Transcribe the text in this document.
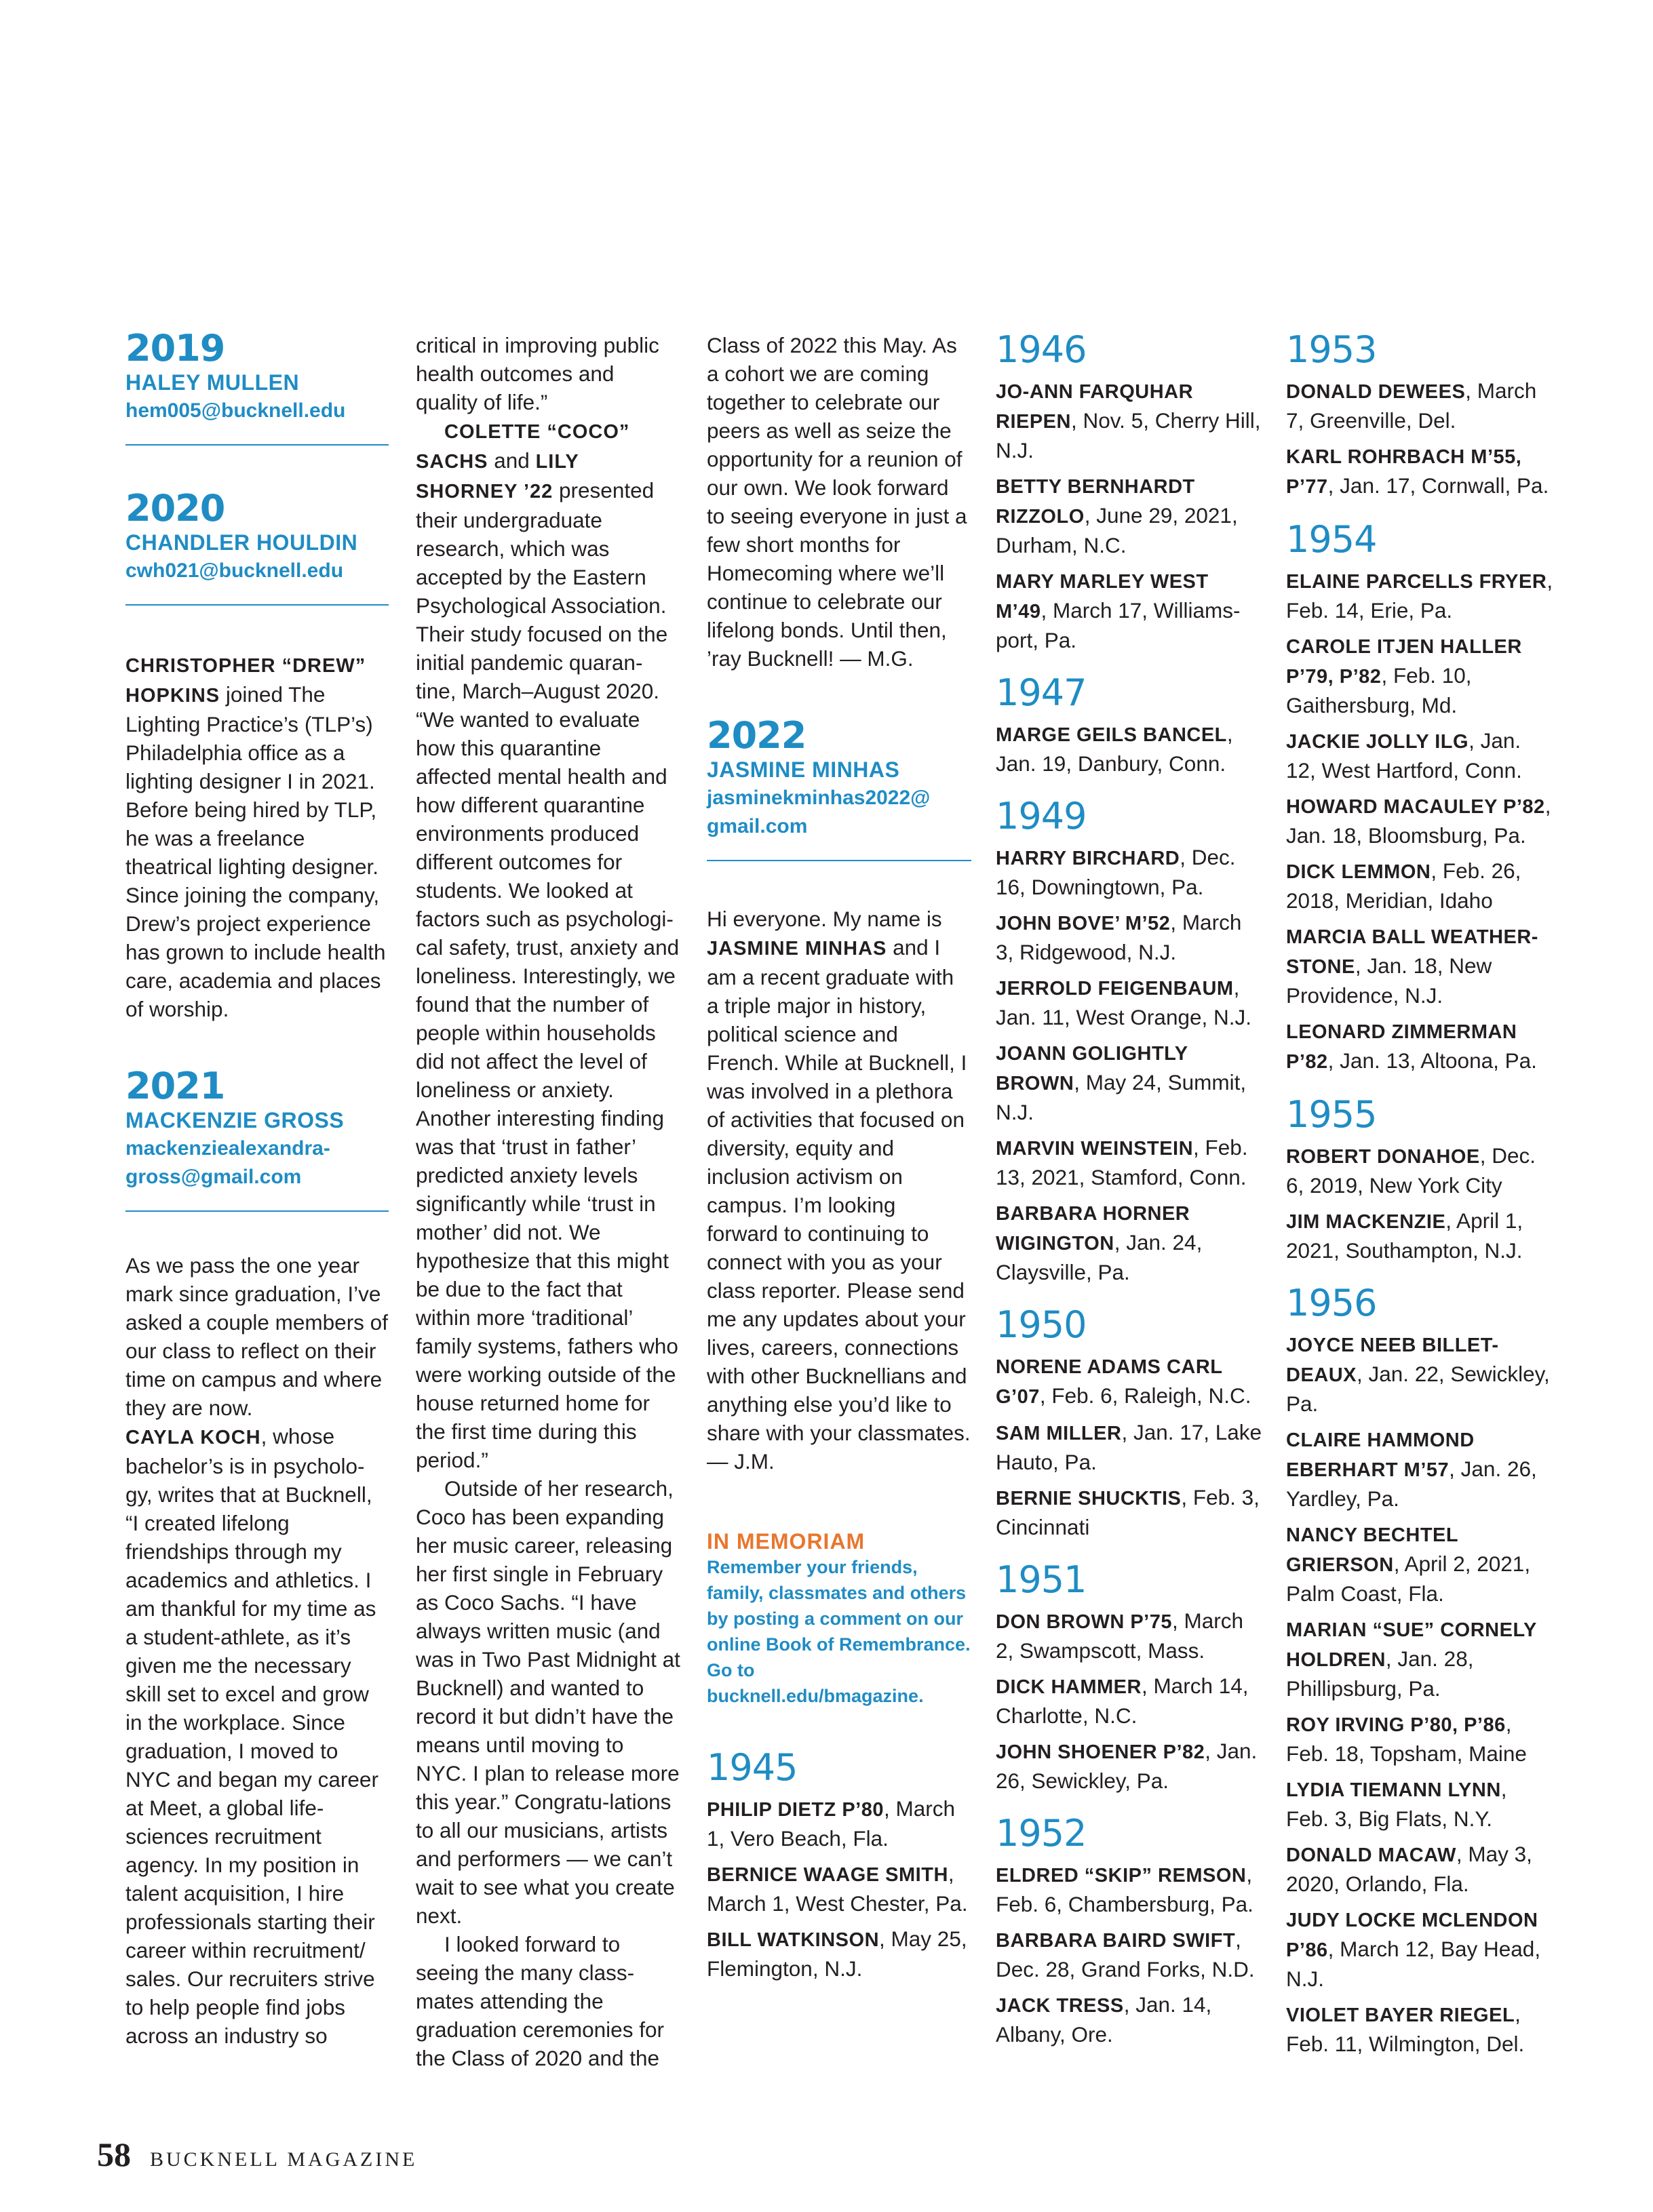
2019
HALEY MULLEN
hem005@bucknell.edu
2020
CHANDLER HOULDIN
cwh021@bucknell.edu

CHRISTOPHER “DREW” HOPKINS joined The Lighting Practice’s (TLP’s) Philadelphia office as a lighting designer I in 2021. Before being hired by TLP, he was a freelance theatrical lighting designer. Since joining the company, Drew’s project experience has grown to include health care, academia and places of worship.

2021
MACKENZIE GROSS
mackenziealexandra-
gross@gmail.com

As we pass the one year mark since graduation, I’ve asked a couple members of our class to reflect on their time on campus and where they are now.

CAYLA KOCH, whose bachelor’s is in psycholo-gy, writes that at Bucknell, “I created lifelong friendships through my academics and athletics. I am thankful for my time as a student-athlete, as it’s given me the necessary skill set to excel and grow in the workplace. Since graduation, I moved to NYC and began my career at Meet, a global life-sciences recruitment agency. In my position in talent acquisition, I hire professionals starting their career within recruitment/ sales. Our recruiters strive to help people find jobs across an industry so

critical in improving public health outcomes and quality of life.”

COLETTE “COCO” SACHS and LILY SHORNEY ’22 presented their undergraduate research, which was accepted by the Eastern Psychological Association. Their study focused on the initial pandemic quaran-tine, March–August 2020. “We wanted to evaluate how this quarantine affected mental health and how different quarantine environments produced different outcomes for students. We looked at factors such as psychologi-cal safety, trust, anxiety and loneliness. Interestingly, we found that the number of people within households did not affect the level of loneliness or anxiety. Another interesting finding was that ‘trust in father’ predicted anxiety levels significantly while ‘trust in mother’ did not. We hypothesize that this might be due to the fact that within more ‘traditional’ family systems, fathers who were working outside of the house returned home for the first time during this period.”

Outside of her research, Coco has been expanding her music career, releasing her first single in February as Coco Sachs. “I have always written music (and was in Two Past Midnight at Bucknell) and wanted to record it but didn’t have the means until moving to NYC. I plan to release more this year.” Congratu-lations to all our musicians, artists and performers — we can’t wait to see what you create next.

I looked forward to seeing the many class-mates attending the graduation ceremonies for the Class of 2020 and the

Class of 2022 this May. As a cohort we are coming together to celebrate our peers as well as seize the opportunity for a reunion of our own. We look forward to seeing everyone in just a few short months for Homecoming where we’ll continue to celebrate our lifelong bonds. Until then, ’ray Bucknell! — M.G.

2022
JASMINE MINHAS
jasminekminhas2022@
gmail.com

Hi everyone. My name is JASMINE MINHAS and I am a recent graduate with a triple major in history, political science and French. While at Bucknell, I was involved in a plethora of activities that focused on diversity, equity and inclusion activism on campus. I’m looking forward to continuing to connect with you as your class reporter. Please send me any updates about your lives, careers, connections with other Bucknellians and anything else you’d like to share with your classmates. — J.M.

IN MEMORIAM
Remember your friends, family, classmates and others by posting a comment on our online Book of Remembrance. Go to bucknell.edu/bmagazine.
1945

PHILIP DIETZ P’80, March 1, Vero Beach, Fla.

BERNICE WAAGE SMITH, March 1, West Chester, Pa.

BILL WATKINSON, May 25, Flemington, N.J.

1946

JO-ANN FARQUHAR RIEPEN, Nov. 5, Cherry Hill, N.J.

BETTY BERNHARDT RIZZOLO, June 29, 2021, Durham, N.C.

MARY MARLEY WEST M’49, March 17, Williams-port, Pa.

1947

MARGE GEILS BANCEL, Jan. 19, Danbury, Conn.

1949

HARRY BIRCHARD, Dec. 16, Downingtown, Pa.

JOHN BOVE’ M’52, March 3, Ridgewood, N.J.

JERROLD FEIGENBAUM, Jan. 11, West Orange, N.J.

JOANN GOLIGHTLY BROWN, May 24, Summit, N.J.

MARVIN WEINSTEIN, Feb. 13, 2021, Stamford, Conn.

BARBARA HORNER WIGINGTON, Jan. 24, Claysville, Pa.

1950

NORENE ADAMS CARL G’07, Feb. 6, Raleigh, N.C.

SAM MILLER, Jan. 17, Lake Hauto, Pa.

BERNIE SHUCKTIS, Feb. 3, Cincinnati

1951

DON BROWN P’75, March 2, Swampscott, Mass.

DICK HAMMER, March 14, Charlotte, N.C.

JOHN SHOENER P’82, Jan. 26, Sewickley, Pa.

1952

ELDRED “SKIP” REMSON, Feb. 6, Chambersburg, Pa.

BARBARA BAIRD SWIFT, Dec. 28, Grand Forks, N.D.

JACK TRESS, Jan. 14, Albany, Ore.

1953

DONALD DEWEES, March 7, Greenville, Del.

KARL ROHRBACH M’55, P’77, Jan. 17, Cornwall, Pa.

1954

ELAINE PARCELLS FRYER, Feb. 14, Erie, Pa.

CAROLE ITJEN HALLER P’79, P’82, Feb. 10, Gaithersburg, Md.

JACKIE JOLLY ILG, Jan. 12, West Hartford, Conn.

HOWARD MACAULEY P’82, Jan. 18, Bloomsburg, Pa.

DICK LEMMON, Feb. 26, 2018, Meridian, Idaho

MARCIA BALL WEATHER-STONE, Jan. 18, New Providence, N.J.

LEONARD ZIMMERMAN P’82, Jan. 13, Altoona, Pa.

1955

ROBERT DONAHOE, Dec. 6, 2019, New York City

JIM MACKENZIE, April 1, 2021, Southampton, N.J.

1956

JOYCE NEEB BILLET-DEAUX, Jan. 22, Sewickley, Pa.

CLAIRE HAMMOND EBERHART M’57, Jan. 26, Yardley, Pa.

NANCY BECHTEL GRIERSON, April 2, 2021, Palm Coast, Fla.

MARIAN “SUE” CORNELY HOLDREN, Jan. 28, Phillipsburg, Pa.

ROY IRVING P’80, P’86, Feb. 18, Topsham, Maine

LYDIA TIEMANN LYNN, Feb. 3, Big Flats, N.Y.

DONALD MACAW, May 3, 2020, Orlando, Fla.

JUDY LOCKE MCLENDON P’86, March 12, Bay Head, N.J.

VIOLET BAYER RIEGEL, Feb. 11, Wilmington, Del.

58 BUCKNELL MAGAZINE
